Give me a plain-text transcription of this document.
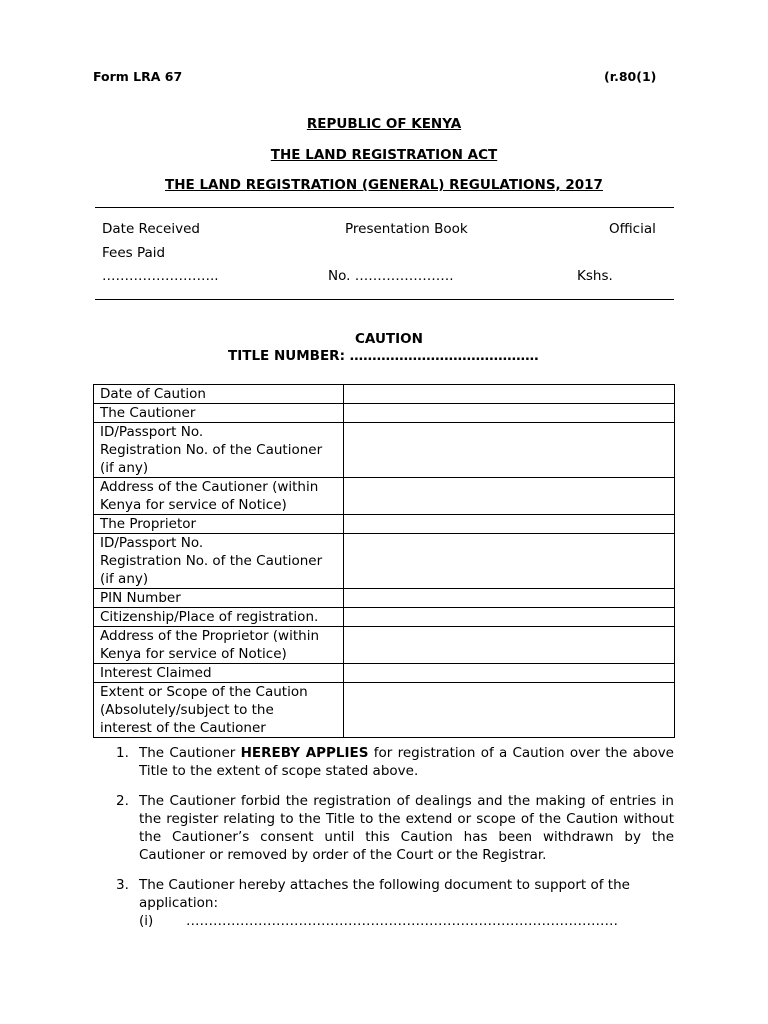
Form LRA 67	(r.80(1)
REPUBLIC OF KENYA
THE LAND REGISTRATION ACT
THE LAND REGISTRATION (GENERAL) REGULATIONS, 2017
Date Received	Presentation Book	Official
Fees Paid
……………………..	No. ………………….	Kshs.
CAUTION
TITLE NUMBER: ……………………………………
Date of Caution	

The Cautioner	

ID/Passport No.
Registration No. of the Cautioner
(if any)	

Address of the Cautioner (within
Kenya for service of Notice)	

The Proprietor	

ID/Passport No.
Registration No. of the Cautioner
(if any)	

PIN Number	

Citizenship/Place of registration.	

Address of the Proprietor (within
Kenya for service of Notice)	

Interest Claimed	

Extent or Scope of the Caution
(Absolutely/subject to the
interest of the Cautioner	

1. The Cautioner HEREBY APPLIES for registration of a Caution over the above Title to the extent of scope stated above.
2. The Cautioner forbid the registration of dealings and the making of entries in the register relating to the Title to the extend or scope of the Caution without the Cautioner’s consent until this Caution has been withdrawn by the Cautioner or removed by order of the Court or the Registrar.
3. The Cautioner hereby attaches the following document to support of the application:
(i)	……………………………………………………………………………………
